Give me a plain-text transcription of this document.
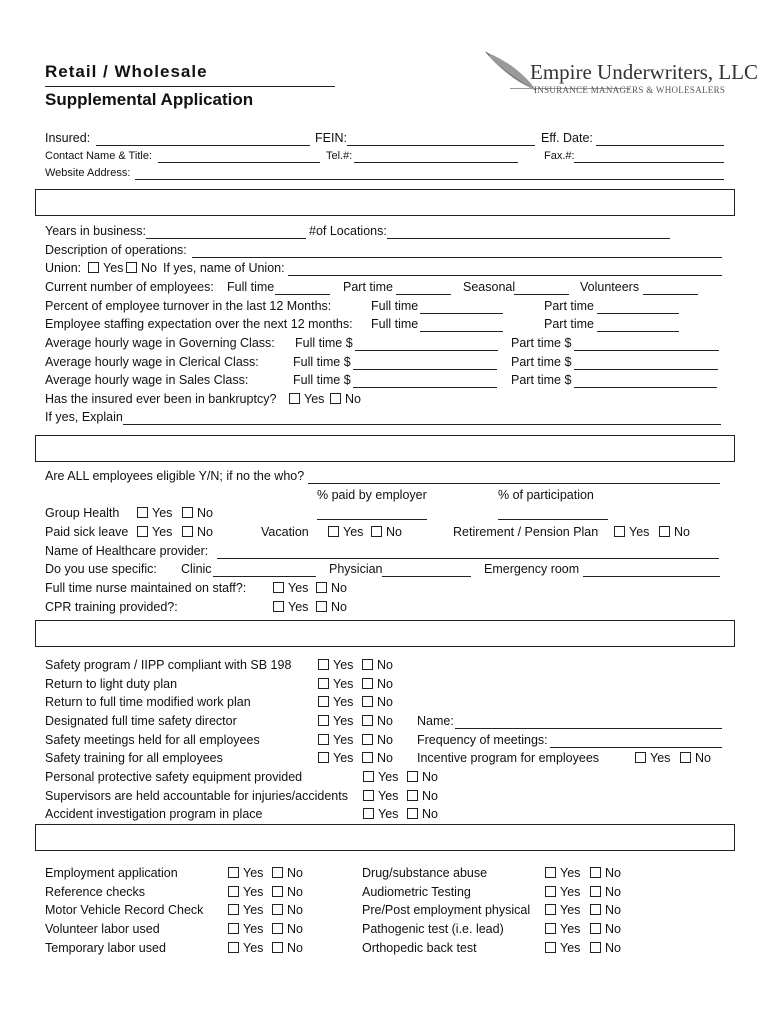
Retail / Wholesale
Supplemental Application
Empire Underwriters, LLC
INSURANCE MANAGERS & WHOLESALERS
Insured:	FEIN:	Eff. Date:
Contact Name & Title:	Tel.#:	Fax.#:
Website Address:
Years in business:	#of Locations:
Description of operations:
Union:	Yes	No If yes, name of Union:
Current number of employees: Full time	Part time	Seasonal	Volunteers
Percent of employee turnover in the last 12 Months:	Full time	Part time
Employee staffing expectation over the next 12 months: Full time	Part time
Average hourly wage in Governing Class: Full time $	Part time $
Average hourly wage in Clerical Class:	Full time $	Part time $
Average hourly wage in Sales Class:	Full time $	Part time $
Has the insured ever been in bankruptcy?	Yes	No
If yes, Explain
Are ALL employees eligible Y/N; if no the who?
% paid by employer	% of participation
Group Health	Yes	No
Paid sick leave	Yes	No	Vacation	Yes	No	Retirement / Pension Plan	Yes	No
Name of Healthcare provider:
Do you use specific: Clinic	Physician	Emergency room
Full time nurse maintained on staff?:	Yes	No
CPR training provided?:	Yes	No
Safety program / IIPP compliant with SB 198	Yes	No
Return to light duty plan	Yes	No
Return to full time modified work plan	Yes	No
Designated full time safety director	Yes	No Name:
Safety meetings held for all employees	Yes	No Frequency of meetings:
Safety training for all employees	Yes	No Incentive program for employees	Yes	No
Personal protective safety equipment provided	Yes	No
Supervisors are held accountable for injuries/accidents	Yes	No
Accident investigation program in place	Yes	No
Employment application	Yes	No	Drug/substance abuse	Yes	No
Reference checks	Yes	No	Audiometric Testing	Yes	No
Motor Vehicle Record Check	Yes	No	Pre/Post employment physical	Yes	No
Volunteer labor used	Yes	No	Pathogenic test (i.e. lead)	Yes	No
Temporary labor used	Yes	No	Orthopedic back test	Yes	No
